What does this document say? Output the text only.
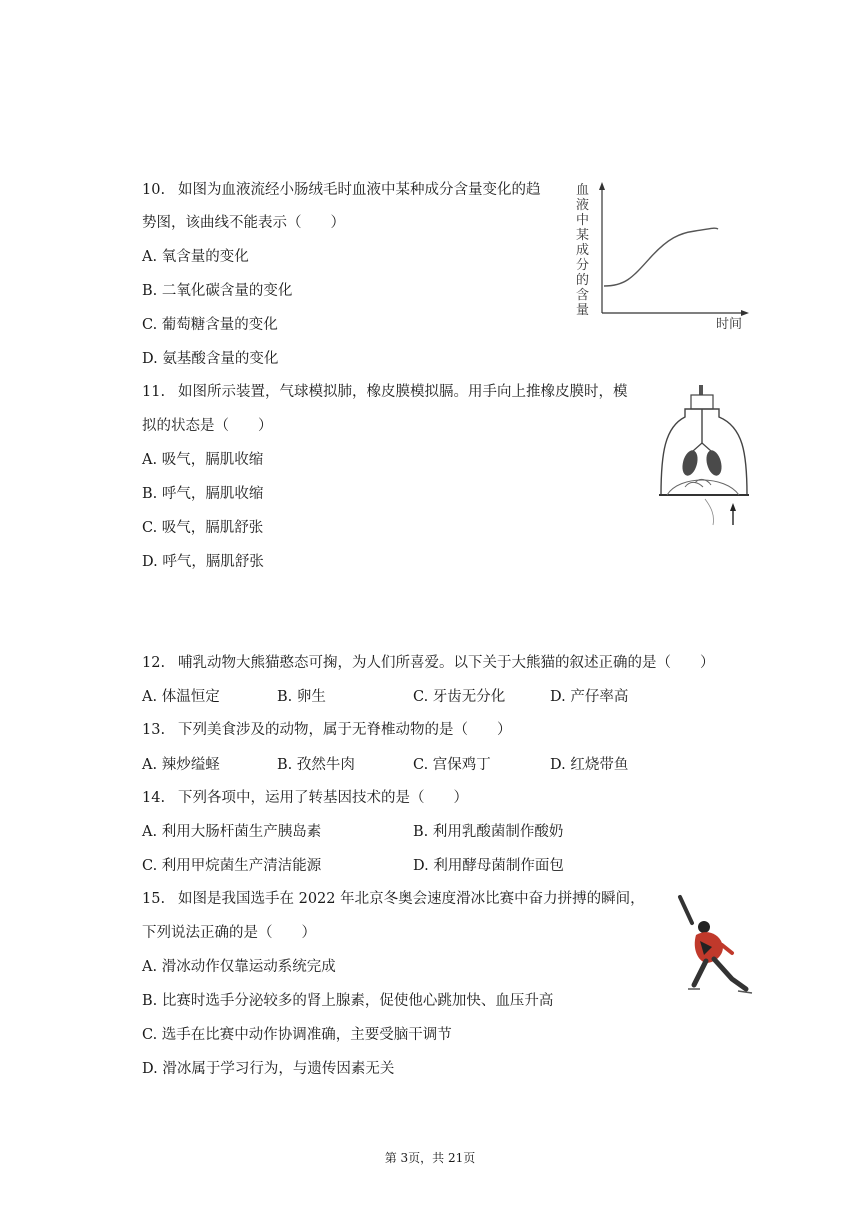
10. 如图为血液流经小肠绒毛时血液中某种成分含量变化的趋
势图，该曲线不能表示（　　）
A. 氧含量的变化
B. 二氧化碳含量的变化
C. 葡萄糖含量的变化
D. 氨基酸含量的变化
血液中某成分的含量
时间
11. 如图所示装置，气球模拟肺，橡皮膜模拟膈。用手向上推橡皮膜时，模
拟的状态是（　　）
A. 吸气，膈肌收缩
B. 呼气，膈肌收缩
C. 吸气，膈肌舒张
D. 呼气，膈肌舒张
12. 哺乳动物大熊猫憨态可掬，为人们所喜爱。以下关于大熊猫的叙述正确的是（　　）
A. 体温恒定	B. 卵生	C. 牙齿无分化	D. 产仔率高
13. 下列美食涉及的动物，属于无脊椎动物的是（　　）
A. 辣炒缢蛏	B. 孜然牛肉	C. 宫保鸡丁	D. 红烧带鱼
14. 下列各项中，运用了转基因技术的是（　　）
A. 利用大肠杆菌生产胰岛素	B. 利用乳酸菌制作酸奶
C. 利用甲烷菌生产清洁能源	D. 利用酵母菌制作面包
15. 如图是我国选手在 2022 年北京冬奥会速度滑冰比赛中奋力拼搏的瞬间，
下列说法正确的是（　　）
A. 滑冰动作仅靠运动系统完成
B. 比赛时选手分泌较多的肾上腺素，促使他心跳加快、血压升高
C. 选手在比赛中动作协调准确，主要受脑干调节
D. 滑冰属于学习行为，与遗传因素无关
第 3页，共 21页
